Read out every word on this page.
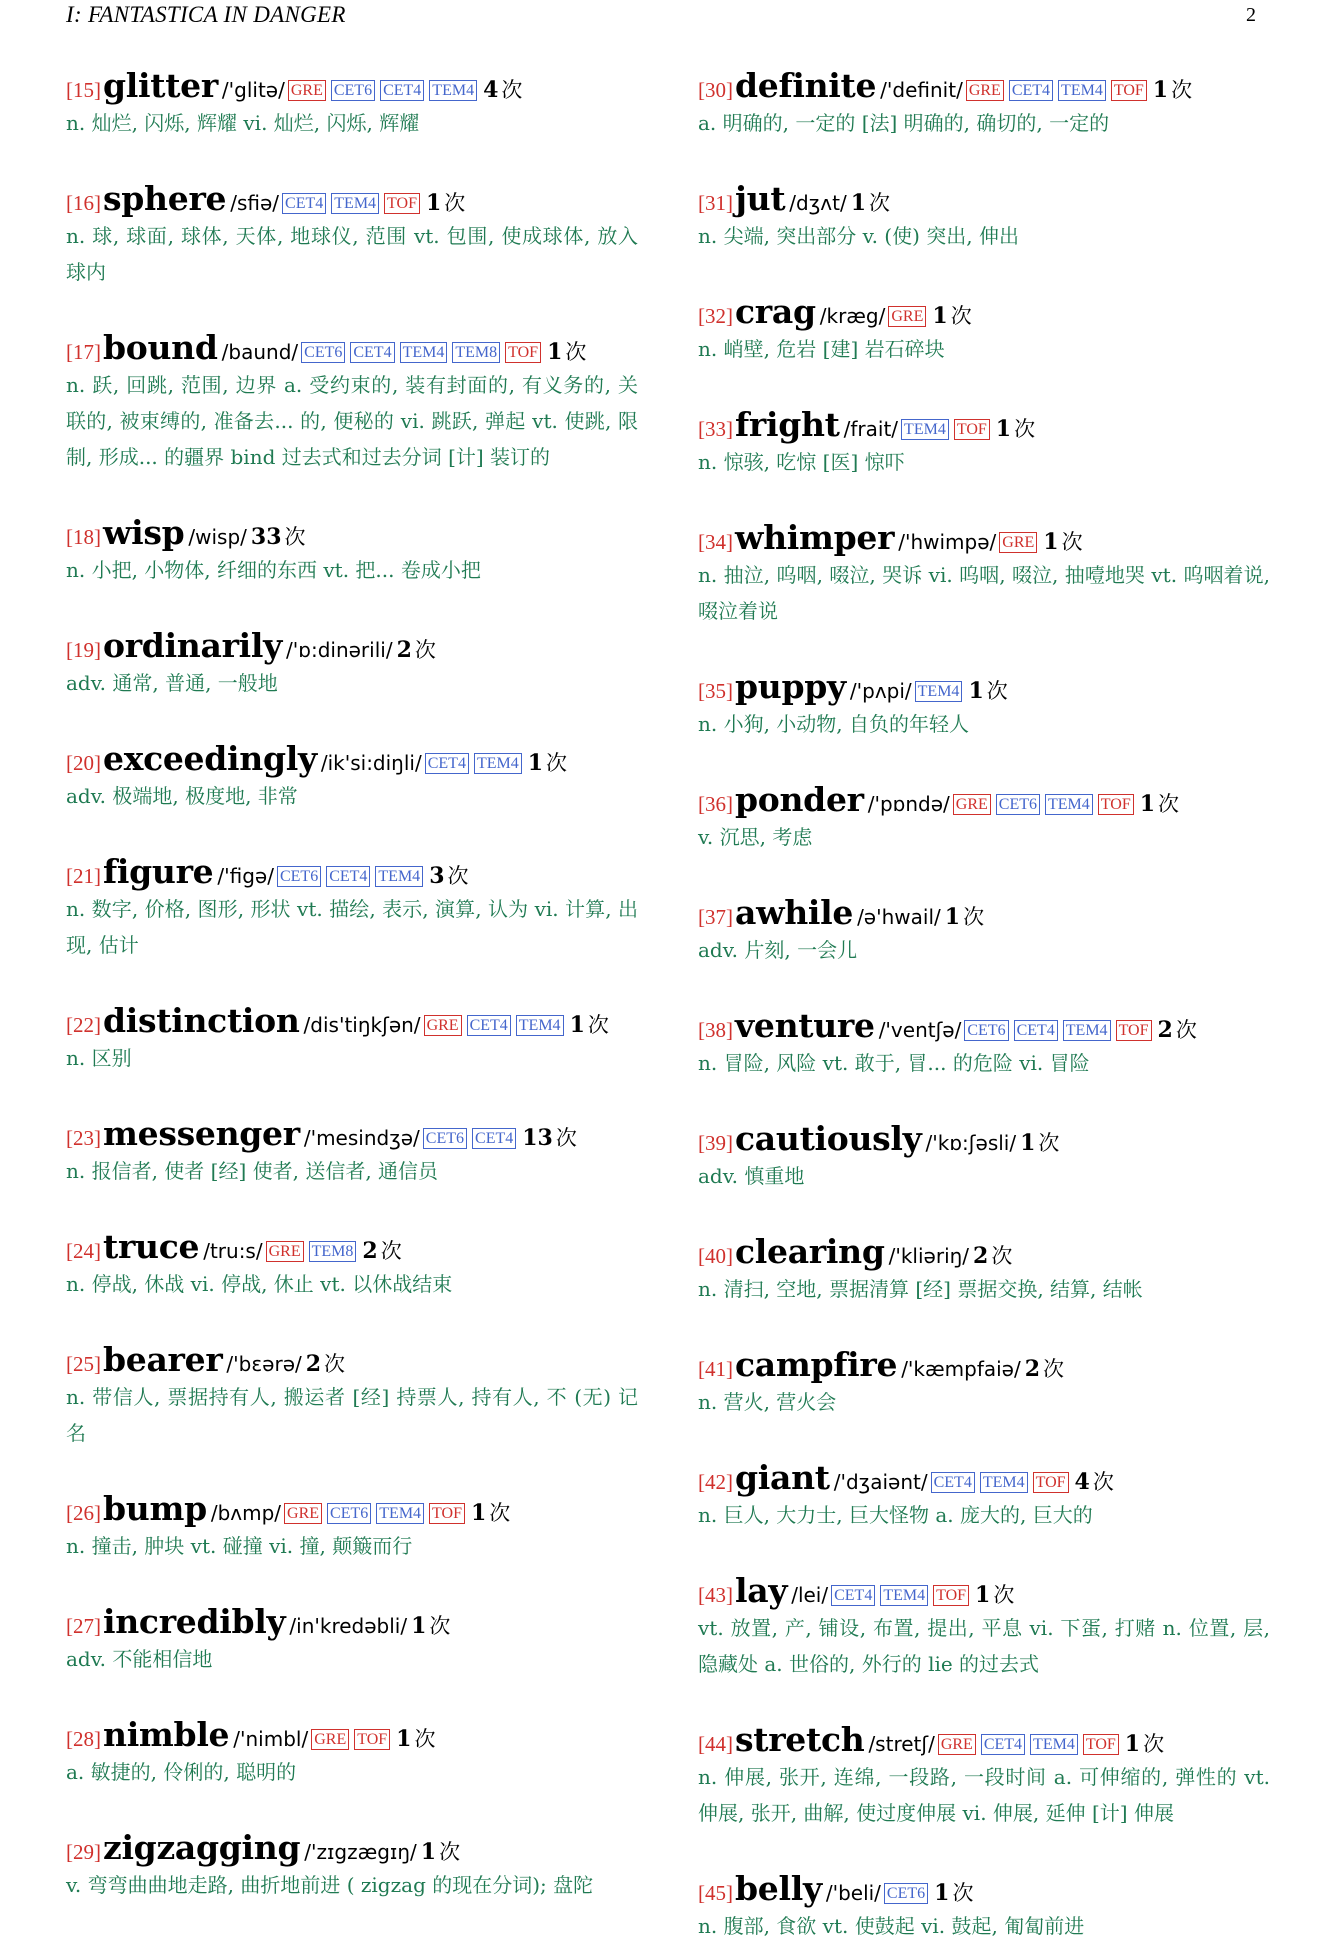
I: FANTASTICA IN DANGER	2
[15] glitter /'glitə/ GRE CET6 CET4 TEM4 4 次

n. 灿烂, 闪烁, 辉耀 vi. 灿烂, 闪烁, 辉耀

[16] sphere /sfiə/ CET4 TEM4 TOF 1 次

n. 球, 球面, 球体, 天体, 地球仪, 范围 vt. 包围, 使成球体, 放入球内

[17] bound /baund/ CET6 CET4 TEM4 TEM8 TOF 1 次

n. 跃, 回跳, 范围, 边界 a. 受约束的, 装有封面的, 有义务的, 关联的, 被束缚的, 准备去... 的, 便秘的 vi. 跳跃, 弹起 vt. 使跳, 限制, 形成... 的疆界 bind 过去式和过去分词 [计] 装订的

[18] wisp /wisp/ 33 次

n. 小把, 小物体, 纤细的东西 vt. 把... 卷成小把

[19] ordinarily /'ɒ:dinərili/ 2 次

adv. 通常, 普通, 一般地

[20] exceedingly /ik'si:diŋli/ CET4 TEM4 1 次

adv. 极端地, 极度地, 非常

[21] figure /'figə/ CET6 CET4 TEM4 3 次

n. 数字, 价格, 图形, 形状 vt. 描绘, 表示, 演算, 认为 vi. 计算, 出现, 估计

[22] distinction /dis'tiŋkʃən/ GRE CET4 TEM4 1 次

n. 区别

[23] messenger /'mesindʒə/ CET6 CET4 13 次

n. 报信者, 使者 [经] 使者, 送信者, 通信员

[24] truce /tru:s/ GRE TEM8 2 次

n. 停战, 休战 vi. 停战, 休止 vt. 以休战结束

[25] bearer /'bɛərə/ 2 次

n. 带信人, 票据持有人, 搬运者 [经] 持票人, 持有人, 不 (无) 记名

[26] bump /bʌmp/ GRE CET6 TEM4 TOF 1 次

n. 撞击, 肿块 vt. 碰撞 vi. 撞, 颠簸而行

[27] incredibly /in'kredəbli/ 1 次

adv. 不能相信地

[28] nimble /'nimbl/ GRE TOF 1 次

a. 敏捷的, 伶俐的, 聪明的

[29] zigzagging /'zɪgzægɪŋ/ 1 次

v. 弯弯曲曲地走路, 曲折地前进 ( zigzag 的现在分词); 盘陀

[30] definite /'definit/ GRE CET4 TEM4 TOF 1 次

a. 明确的, 一定的 [法] 明确的, 确切的, 一定的

[31] jut /dʒʌt/ 1 次

n. 尖端, 突出部分 v. (使) 突出, 伸出

[32] crag /kræg/ GRE 1 次

n. 峭壁, 危岩 [建] 岩石碎块

[33] fright /frait/ TEM4 TOF 1 次

n. 惊骇, 吃惊 [医] 惊吓

[34] whimper /'hwimpə/ GRE 1 次

n. 抽泣, 呜咽, 啜泣, 哭诉 vi. 呜咽, 啜泣, 抽噎地哭 vt. 呜咽着说, 啜泣着说

[35] puppy /'pʌpi/ TEM4 1 次

n. 小狗, 小动物, 自负的年轻人

[36] ponder /'pɒndə/ GRE CET6 TEM4 TOF 1 次

v. 沉思, 考虑

[37] awhile /ə'hwail/ 1 次

adv. 片刻, 一会儿

[38] venture /'ventʃə/ CET6 CET4 TEM4 TOF 2 次

n. 冒险, 风险 vt. 敢于, 冒... 的危险 vi. 冒险

[39] cautiously /'kɒ:ʃəsli/ 1 次

adv. 慎重地

[40] clearing /'kliəriŋ/ 2 次

n. 清扫, 空地, 票据清算 [经] 票据交换, 结算, 结帐

[41] campfire /'kæmpfaiə/ 2 次

n. 营火, 营火会

[42] giant /'dʒaiənt/ CET4 TEM4 TOF 4 次

n. 巨人, 大力士, 巨大怪物 a. 庞大的, 巨大的

[43] lay /lei/ CET4 TEM4 TOF 1 次

vt. 放置, 产, 铺设, 布置, 提出, 平息 vi. 下蛋, 打赌 n. 位置, 层, 隐藏处 a. 世俗的, 外行的 lie 的过去式

[44] stretch /stretʃ/ GRE CET4 TEM4 TOF 1 次

n. 伸展, 张开, 连绵, 一段路, 一段时间 a. 可伸缩的, 弹性的 vt. 伸展, 张开, 曲解, 使过度伸展 vi. 伸展, 延伸 [计] 伸展

[45] belly /'beli/ CET6 1 次

n. 腹部, 食欲 vt. 使鼓起 vi. 鼓起, 匍匐前进
